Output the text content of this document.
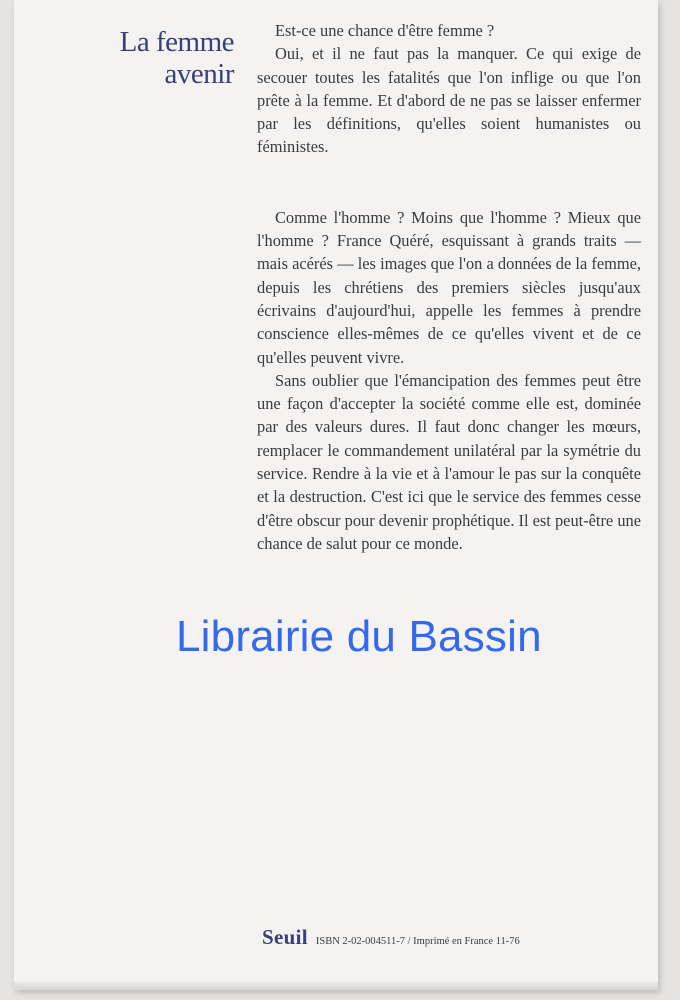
La femme
avenir

Est-ce une chance d'être femme ?

Oui, et il ne faut pas la manquer. Ce qui exige de secouer toutes les fatalités que l'on inflige ou que l'on prête à la femme. Et d'abord de ne pas se laisser enfermer par les définitions, qu'elles soient humanistes ou féministes.

Comme l'homme ? Moins que l'homme ? Mieux que l'homme ? France Quéré, esquissant à grands traits — mais acérés — les images que l'on a données de la femme, depuis les chrétiens des premiers siècles jusqu'aux écrivains d'aujourd'hui, appelle les femmes à prendre conscience elles-mêmes de ce qu'elles vivent et de ce qu'elles peuvent vivre.

Sans oublier que l'émancipation des femmes peut être une façon d'accepter la société comme elle est, dominée par des valeurs dures. Il faut donc changer les mœurs, remplacer le commandement unilatéral par la symétrie du service. Rendre à la vie et à l'amour le pas sur la conquête et la destruction. C'est ici que le service des femmes cesse d'être obscur pour devenir prophétique. Il est peut-être une chance de salut pour ce monde.

Seuil ISBN 2-02-004511-7 / Imprimé en France 11-76
Librairie du Bassin
